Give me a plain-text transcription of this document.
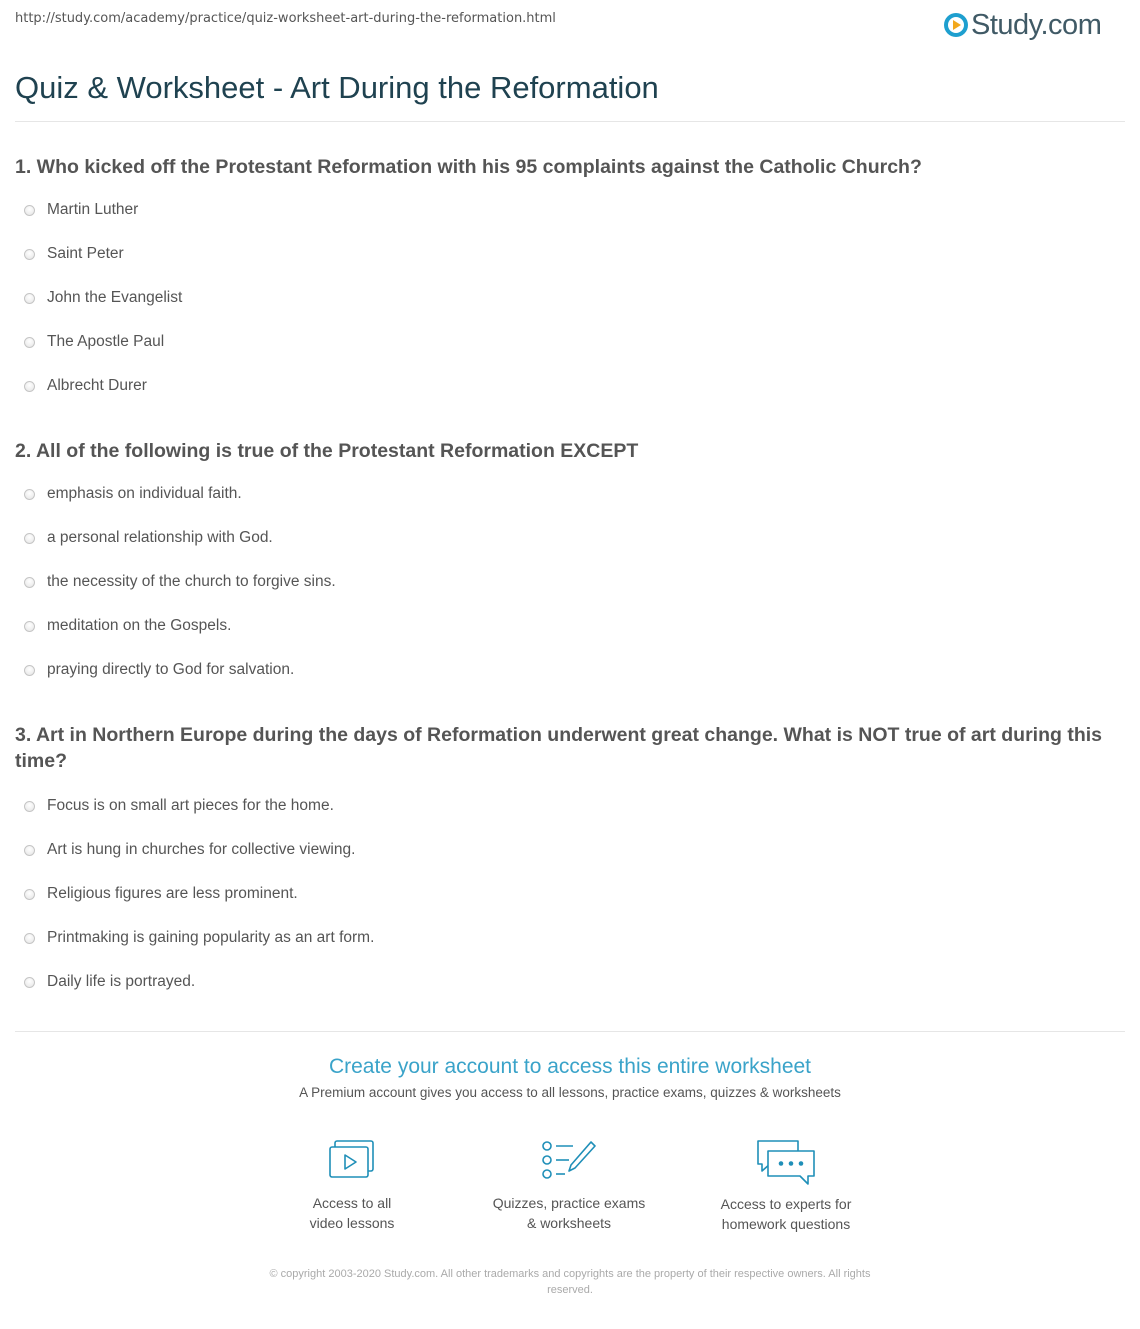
http://study.com/academy/practice/quiz-worksheet-art-during-the-reformation.html	Study.com
Quiz & Worksheet - Art During the Reformation
1. Who kicked off the Protestant Reformation with his 95 complaints against the Catholic Church?
Martin Luther
Saint Peter
John the Evangelist
The Apostle Paul
Albrecht Durer
2. All of the following is true of the Protestant Reformation EXCEPT
emphasis on individual faith.
a personal relationship with God.
the necessity of the church to forgive sins.
meditation on the Gospels.
praying directly to God for salvation.
3. Art in Northern Europe during the days of Reformation underwent great change. What is NOT true of art during this time?
Focus is on small art pieces for the home.
Art is hung in churches for collective viewing.
Religious figures are less prominent.
Printmaking is gaining popularity as an art form.
Daily life is portrayed.
Create your account to access this entire worksheet
A Premium account gives you access to all lessons, practice exams, quizzes & worksheets
Access to all
video lessons
Quizzes, practice exams
& worksheets
Access to experts for
homework questions
© copyright 2003-2020 Study.com. All other trademarks and copyrights are the property of their respective owners. All rights
reserved.
